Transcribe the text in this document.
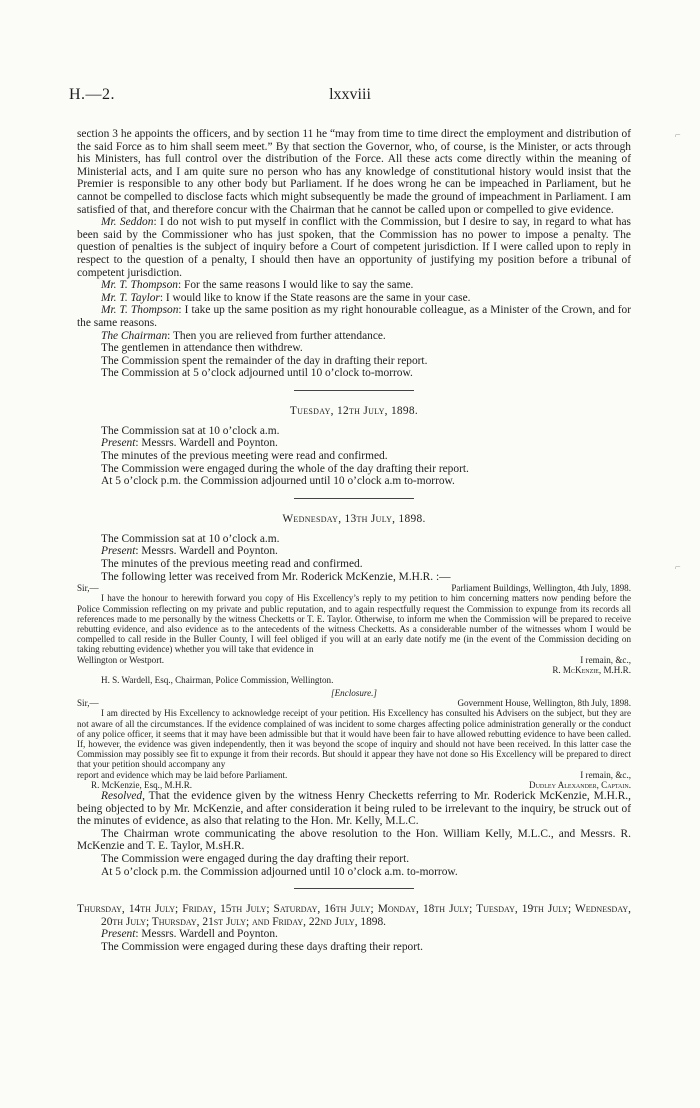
H.—2.	lxxviii
⌐
⌐

section 3 he appoints the officers, and by section 11 he “may from time to time direct the employment and distribution of the said Force as to him shall seem meet.” By that section the Governor, who, of course, is the Minister, or acts through his Ministers, has full control over the distribution of the Force. All these acts come directly within the meaning of Ministerial acts, and I am quite sure no person who has any knowledge of constitutional history would insist that the Premier is responsible to any other body but Parliament. If he does wrong he can be impeached in Parliament, but he cannot be compelled to disclose facts which might subsequently be made the ground of impeachment in Parliament. I am satisfied of that, and therefore concur with the Chairman that he cannot be called upon or compelled to give evidence.

Mr. Seddon: I do not wish to put myself in conflict with the Commission, but I desire to say, in regard to what has been said by the Commissioner who has just spoken, that the Commission has no power to impose a penalty. The question of penalties is the subject of inquiry before a Court of competent jurisdiction. If I were called upon to reply in respect to the question of a penalty, I should then have an opportunity of justifying my position before a tribunal of competent jurisdiction.

Mr. T. Thompson: For the same reasons I would like to say the same.

Mr. T. Taylor: I would like to know if the State reasons are the same in your case.

Mr. T. Thompson: I take up the same position as my right honourable colleague, as a Minister of the Crown, and for the same reasons.

The Chairman: Then you are relieved from further attendance.

The gentlemen in attendance then withdrew.

The Commission spent the remainder of the day in drafting their report.

The Commission at 5 o’clock adjourned until 10 o’clock to-morrow.

Tuesday, 12th July, 1898.

The Commission sat at 10 o’clock a.m.

Present: Messrs. Wardell and Poynton.

The minutes of the previous meeting were read and confirmed.

The Commission were engaged during the whole of the day drafting their report.

At 5 o’clock p.m. the Commission adjourned until 10 o’clock a.m to-morrow.

Wednesday, 13th July, 1898.

The Commission sat at 10 o’clock a.m.

Present: Messrs. Wardell and Poynton.

The minutes of the previous meeting read and confirmed.

The following letter was received from Mr. Roderick McKenzie, M.H.R. :—

Sir,—	Parliament Buildings, Wellington, 4th July, 1898.

I have the honour to herewith forward you copy of His Excellency’s reply to my petition to him concerning matters now pending before the Police Commission reflecting on my private and public reputation, and to again respectfully request the Commission to expunge from its records all references made to me personally by the witness Checketts or T. E. Taylor. Otherwise, to inform me when the Commission will be prepared to receive rebutting evidence, and also evidence as to the antecedents of the witness Checketts. As a considerable number of the witnesses whom I would be compelled to call reside in the Buller County, I will feel obliged if you will at an early date notify me (in the event of the Commission deciding on taking rebutting evidence) whether you will take that evidence in

Wellington or Westport.	I remain, &c.,

R. McKenzie, M.H.R.

H. S. Wardell, Esq., Chairman, Police Commission, Wellington.

[Enclosure.]

Sir,—	Government House, Wellington, 8th July, 1898.

I am directed by His Excellency to acknowledge receipt of your petition. His Excellency has consulted his Advisers on the subject, but they are not aware of all the circumstances. If the evidence complained of was incident to some charges affecting police administration generally or the conduct of any police officer, it seems that it may have been admissible but that it would have been fair to have allowed rebutting evidence to have been called. If, however, the evidence was given independently, then it was beyond the scope of inquiry and should not have been received. In this latter case the Commission may possibly see fit to expunge it from their records. But should it appear they have not done so His Excellency will be prepared to direct that your petition should accompany any

report and evidence which may be laid before Parliament.	I remain, &c.,
R. McKenzie, Esq., M.H.R.	Dudley Alexander, Captain.

Resolved, That the evidence given by the witness Henry Checketts referring to Mr. Roderick McKenzie, M.H.R., being objected to by Mr. McKenzie, and after consideration it being ruled to be irrelevant to the inquiry, be struck out of the minutes of evidence, as also that relating to the Hon. Mr. Kelly, M.L.C.

The Chairman wrote communicating the above resolution to the Hon. William Kelly, M.L.C., and Messrs. R. McKenzie and T. E. Taylor, M.sH.R.

The Commission were engaged during the day drafting their report.

At 5 o’clock p.m. the Commission adjourned until 10 o’clock a.m. to-morrow.

Thursday, 14th July; Friday, 15th July; Saturday, 16th July; Monday, 18th July; Tuesday, 19th July; Wednesday, 20th July; Thursday, 21st July; and Friday, 22nd July, 1898.

Present: Messrs. Wardell and Poynton.

The Commission were engaged during these days drafting their report.
